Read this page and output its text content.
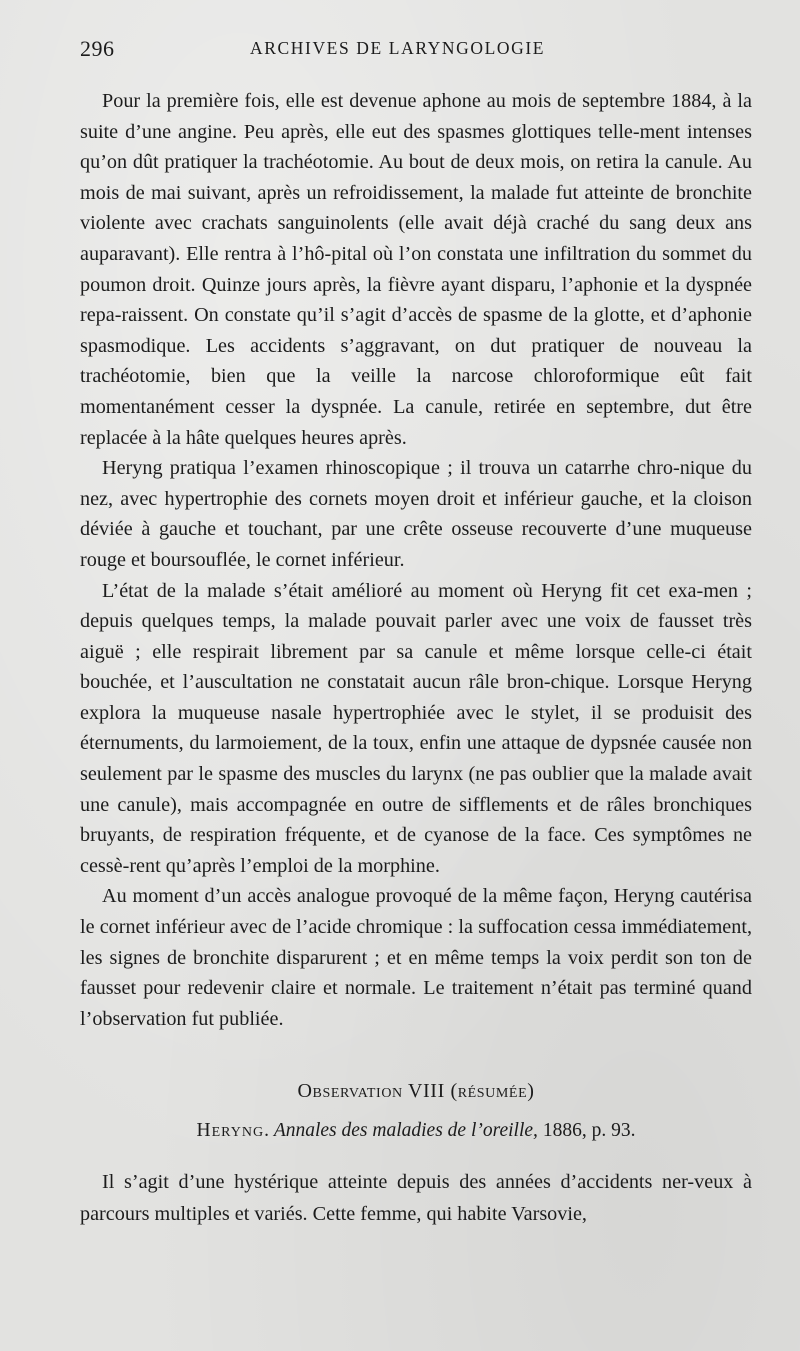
296	ARCHIVES DE LARYNGOLOGIE

Pour la première fois, elle est devenue aphone au mois de septembre 1884, à la suite d’une angine. Peu après, elle eut des spasmes glottiques telle-ment intenses qu’on dût pratiquer la trachéotomie. Au bout de deux mois, on retira la canule. Au mois de mai suivant, après un refroidissement, la malade fut atteinte de bronchite violente avec crachats sanguinolents (elle avait déjà craché du sang deux ans auparavant). Elle rentra à l’hô-pital où l’on constata une infiltration du sommet du poumon droit. Quinze jours après, la fièvre ayant disparu, l’aphonie et la dyspnée repa-raissent. On constate qu’il s’agit d’accès de spasme de la glotte, et d’aphonie spasmodique. Les accidents s’aggravant, on dut pratiquer de nouveau la trachéotomie, bien que la veille la narcose chloroformique eût fait momentanément cesser la dyspnée. La canule, retirée en septembre, dut être replacée à la hâte quelques heures après.

Heryng pratiqua l’examen rhinoscopique ; il trouva un catarrhe chro-nique du nez, avec hypertrophie des cornets moyen droit et inférieur gauche, et la cloison déviée à gauche et touchant, par une crête osseuse recouverte d’une muqueuse rouge et boursouflée, le cornet inférieur.

L’état de la malade s’était amélioré au moment où Heryng fit cet exa-men ; depuis quelques temps, la malade pouvait parler avec une voix de fausset très aiguë ; elle respirait librement par sa canule et même lorsque celle-ci était bouchée, et l’auscultation ne constatait aucun râle bron-chique. Lorsque Heryng explora la muqueuse nasale hypertrophiée avec le stylet, il se produisit des éternuments, du larmoiement, de la toux, enfin une attaque de dypsnée causée non seulement par le spasme des muscles du larynx (ne pas oublier que la malade avait une canule), mais accompagnée en outre de sifflements et de râles bronchiques bruyants, de respiration fréquente, et de cyanose de la face. Ces symptômes ne cessè-rent qu’après l’emploi de la morphine.

Au moment d’un accès analogue provoqué de la même façon, Heryng cautérisa le cornet inférieur avec de l’acide chromique : la suffocation cessa immédiatement, les signes de bronchite disparurent ; et en même temps la voix perdit son ton de fausset pour redevenir claire et normale. Le traitement n’était pas terminé quand l’observation fut publiée.

Observation VIII (résumée)
Heryng. Annales des maladies de l’oreille, 1886, p. 93.

Il s’agit d’une hystérique atteinte depuis des années d’accidents ner-veux à parcours multiples et variés. Cette femme, qui habite Varsovie,
